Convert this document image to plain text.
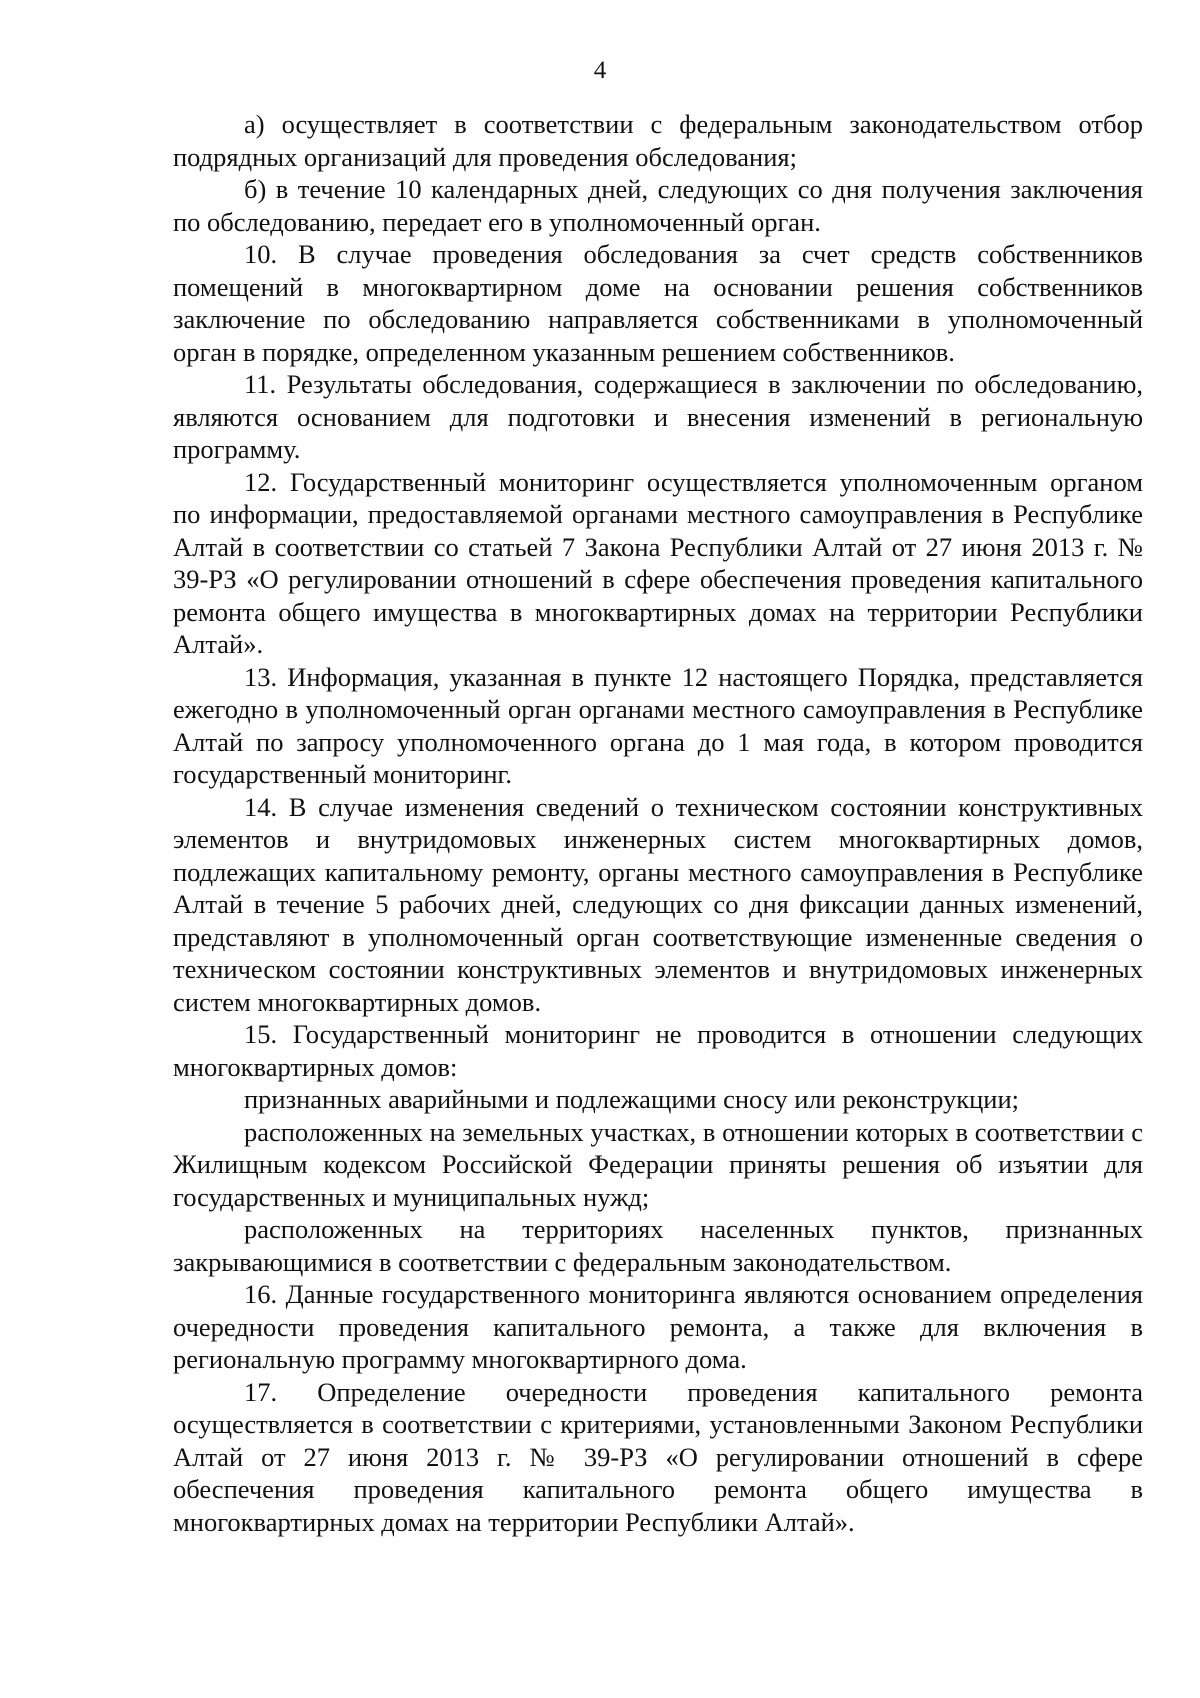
4

а) осуществляет в соответствии с федеральным законодательством отбор подрядных организаций для проведения обследования;

б) в течение 10 календарных дней, следующих со дня получения заключения по обследованию, передает его в уполномоченный орган.

10. В случае проведения обследования за счет средств собственников помещений в многоквартирном доме на основании решения собственников заключение по обследованию направляется собственниками в уполномоченный орган в порядке, определенном указанным решением собственников.

11. Результаты обследования, содержащиеся в заключении по обследованию, являются основанием для подготовки и внесения изменений в региональную программу.

12. Государственный мониторинг осуществляется уполномоченным органом по информации, предоставляемой органами местного самоуправления в Республике Алтай в соответствии со статьей 7 Закона Республики Алтай от 27 июня 2013 г. № 39-РЗ «О регулировании отношений в сфере обеспечения проведения капитального ремонта общего имущества в многоквартирных домах на территории Республики Алтай».

13. Информация, указанная в пункте 12 настоящего Порядка, представляется ежегодно в уполномоченный орган органами местного самоуправления в Республике Алтай по запросу уполномоченного органа до 1 мая года, в котором проводится государственный мониторинг.

14. В случае изменения сведений о техническом состоянии конструктивных элементов и внутридомовых инженерных систем многоквартирных домов, подлежащих капитальному ремонту, органы местного самоуправления в Республике Алтай в течение 5 рабочих дней, следующих со дня фиксации данных изменений, представляют в уполномоченный орган соответствующие измененные сведения о техническом состоянии конструктивных элементов и внутридомовых инженерных систем многоквартирных домов.

15. Государственный мониторинг не проводится в отношении следующих многоквартирных домов:

признанных аварийными и подлежащими сносу или реконструкции;

расположенных на земельных участках, в отношении которых в соответствии с Жилищным кодексом Российской Федерации приняты решения об изъятии для государственных и муниципальных нужд;

расположенных на территориях населенных пунктов, признанных закрывающимися в соответствии с федеральным законодательством.

16. Данные государственного мониторинга являются основанием определения очередности проведения капитального ремонта, а также для включения в региональную программу многоквартирного дома.

17. Определение очередности проведения капитального ремонта осуществляется в соответствии с критериями, установленными Законом Республики Алтай от 27 июня 2013 г. № 39-РЗ «О регулировании отношений в сфере обеспечения проведения капитального ремонта общего имущества в многоквартирных домах на территории Республики Алтай».
